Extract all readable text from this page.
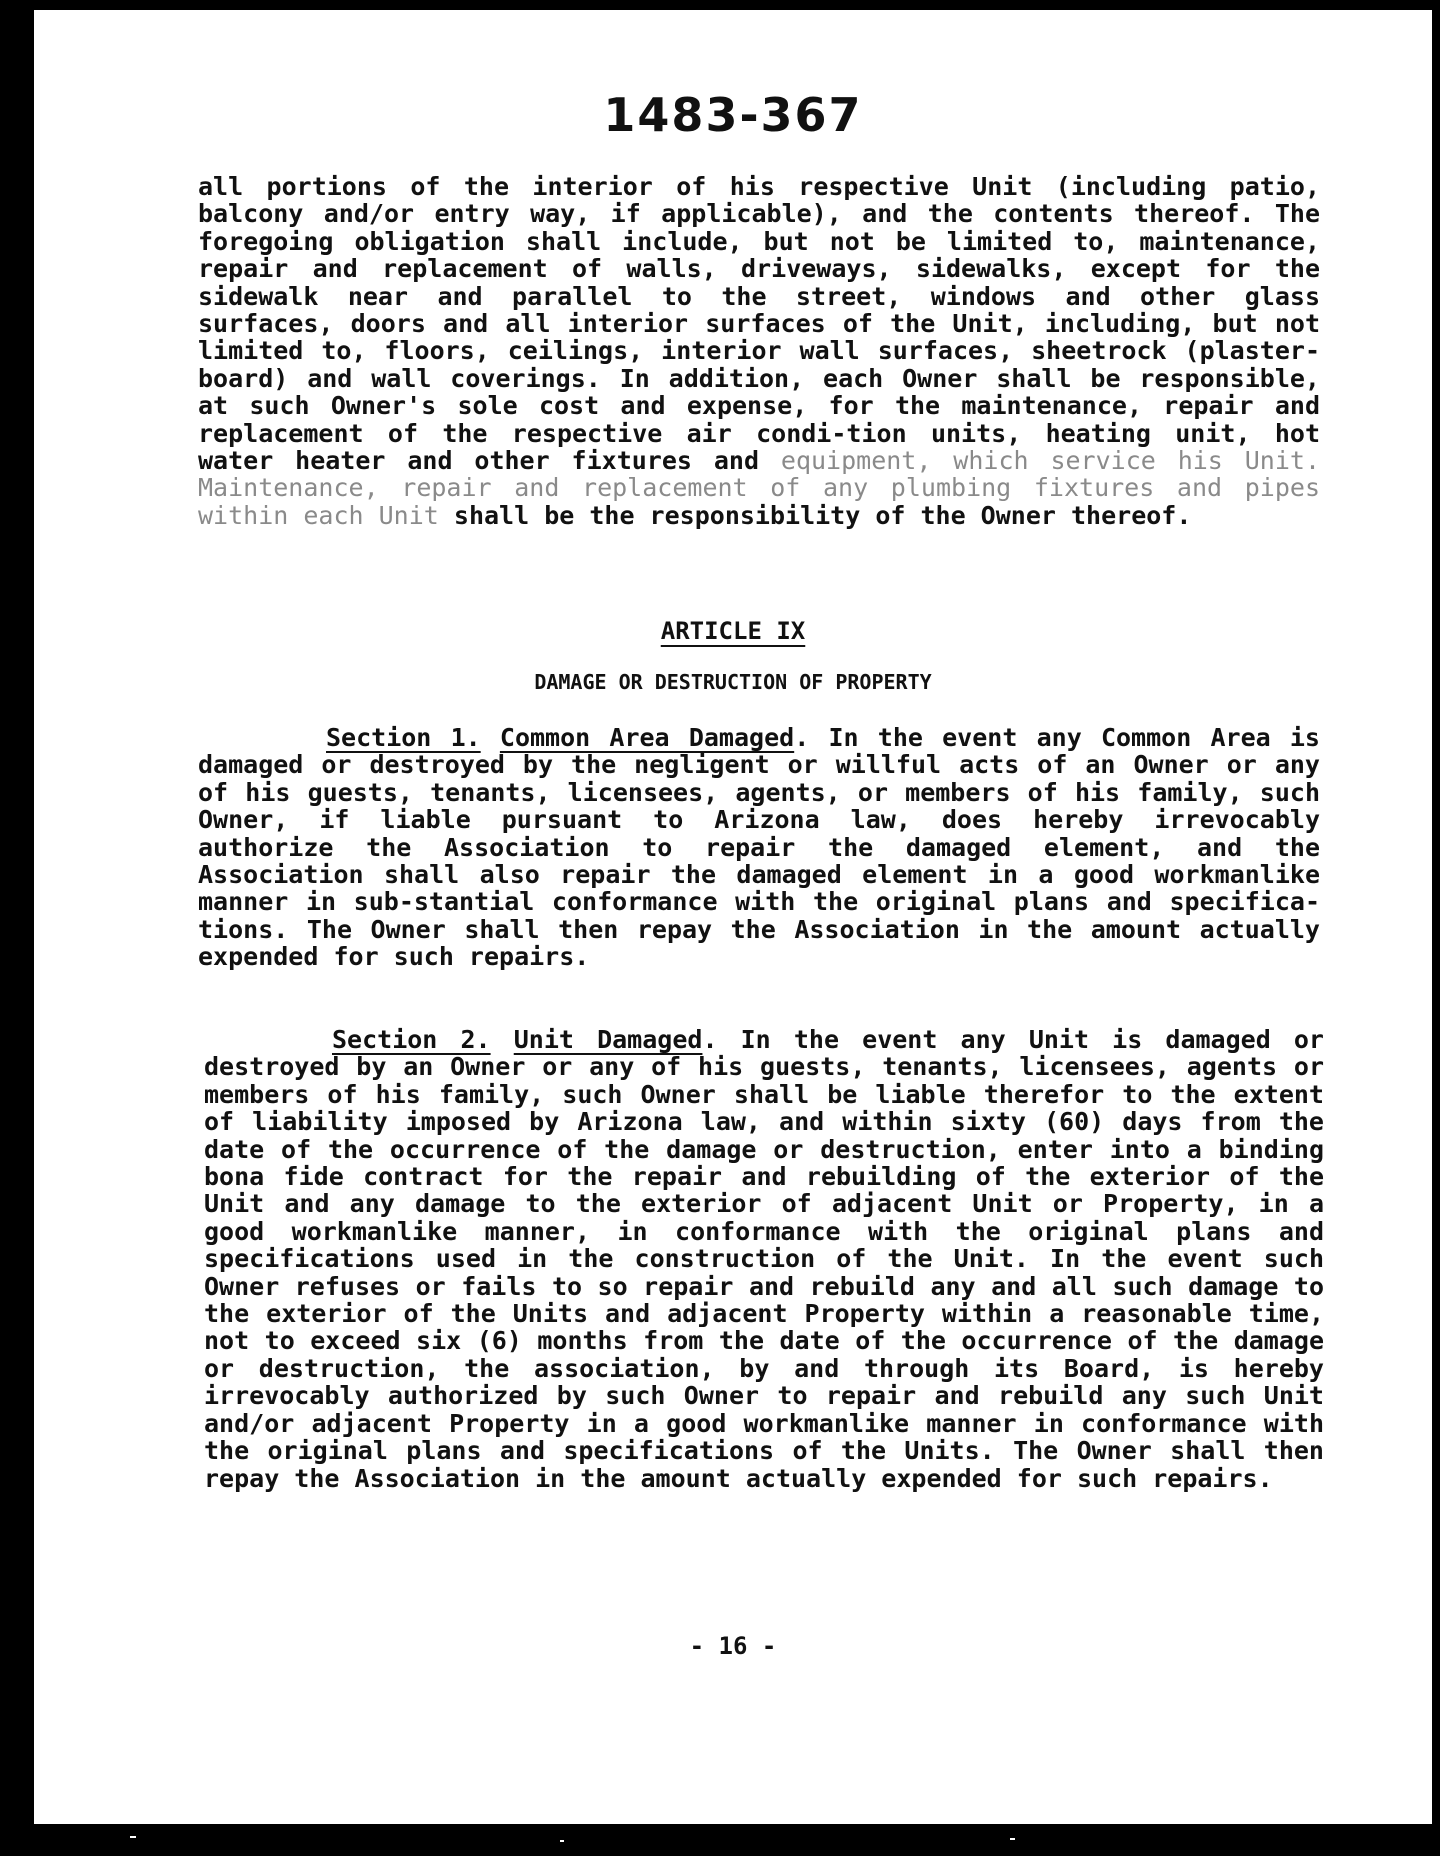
1483-367

all portions of the interior of his respective Unit (including patio, balcony and/or entry way, if applicable), and the contents thereof. The foregoing obligation shall include, but not be limited to, maintenance, repair and replacement of walls, driveways, sidewalks, except for the sidewalk near and parallel to the street, windows and other glass surfaces, doors and all interior surfaces of the Unit, including, but not limited to, floors, ceilings, interior wall surfaces, sheetrock (plaster-board) and wall coverings. In addition, each Owner shall be responsible, at such Owner's sole cost and expense, for the maintenance, repair and replacement of the respective air condi-tion units, heating unit, hot water heater and other fixtures and equipment, which service his Unit. Maintenance, repair and replacement of any plumbing fixtures and pipes within each Unit shall be the responsibility of the Owner thereof.

ARTICLE IX
DAMAGE OR DESTRUCTION OF PROPERTY

Section 1. Common Area Damaged. In the event any Common Area is damaged or destroyed by the negligent or willful acts of an Owner or any of his guests, tenants, licensees, agents, or members of his family, such Owner, if liable pursuant to Arizona law, does hereby irrevocably authorize the Association to repair the damaged element, and the Association shall also repair the damaged element in a good workmanlike manner in sub-stantial conformance with the original plans and specifica-tions. The Owner shall then repay the Association in the amount actually expended for such repairs.

Section 2. Unit Damaged. In the event any Unit is damaged or destroyed by an Owner or any of his guests, tenants, licensees, agents or members of his family, such Owner shall be liable therefor to the extent of liability imposed by Arizona law, and within sixty (60) days from the date of the occurrence of the damage or destruction, enter into a binding bona fide contract for the repair and rebuilding of the exterior of the Unit and any damage to the exterior of adjacent Unit or Property, in a good workmanlike manner, in conformance with the original plans and specifications used in the construction of the Unit. In the event such Owner refuses or fails to so repair and rebuild any and all such damage to the exterior of the Units and adjacent Property within a reasonable time, not to exceed six (6) months from the date of the occurrence of the damage or destruction, the association, by and through its Board, is hereby irrevocably authorized by such Owner to repair and rebuild any such Unit and/or adjacent Property in a good workmanlike manner in conformance with the original plans and specifications of the Units. The Owner shall then repay the Association in the amount actually expended for such repairs.

- 16 -
